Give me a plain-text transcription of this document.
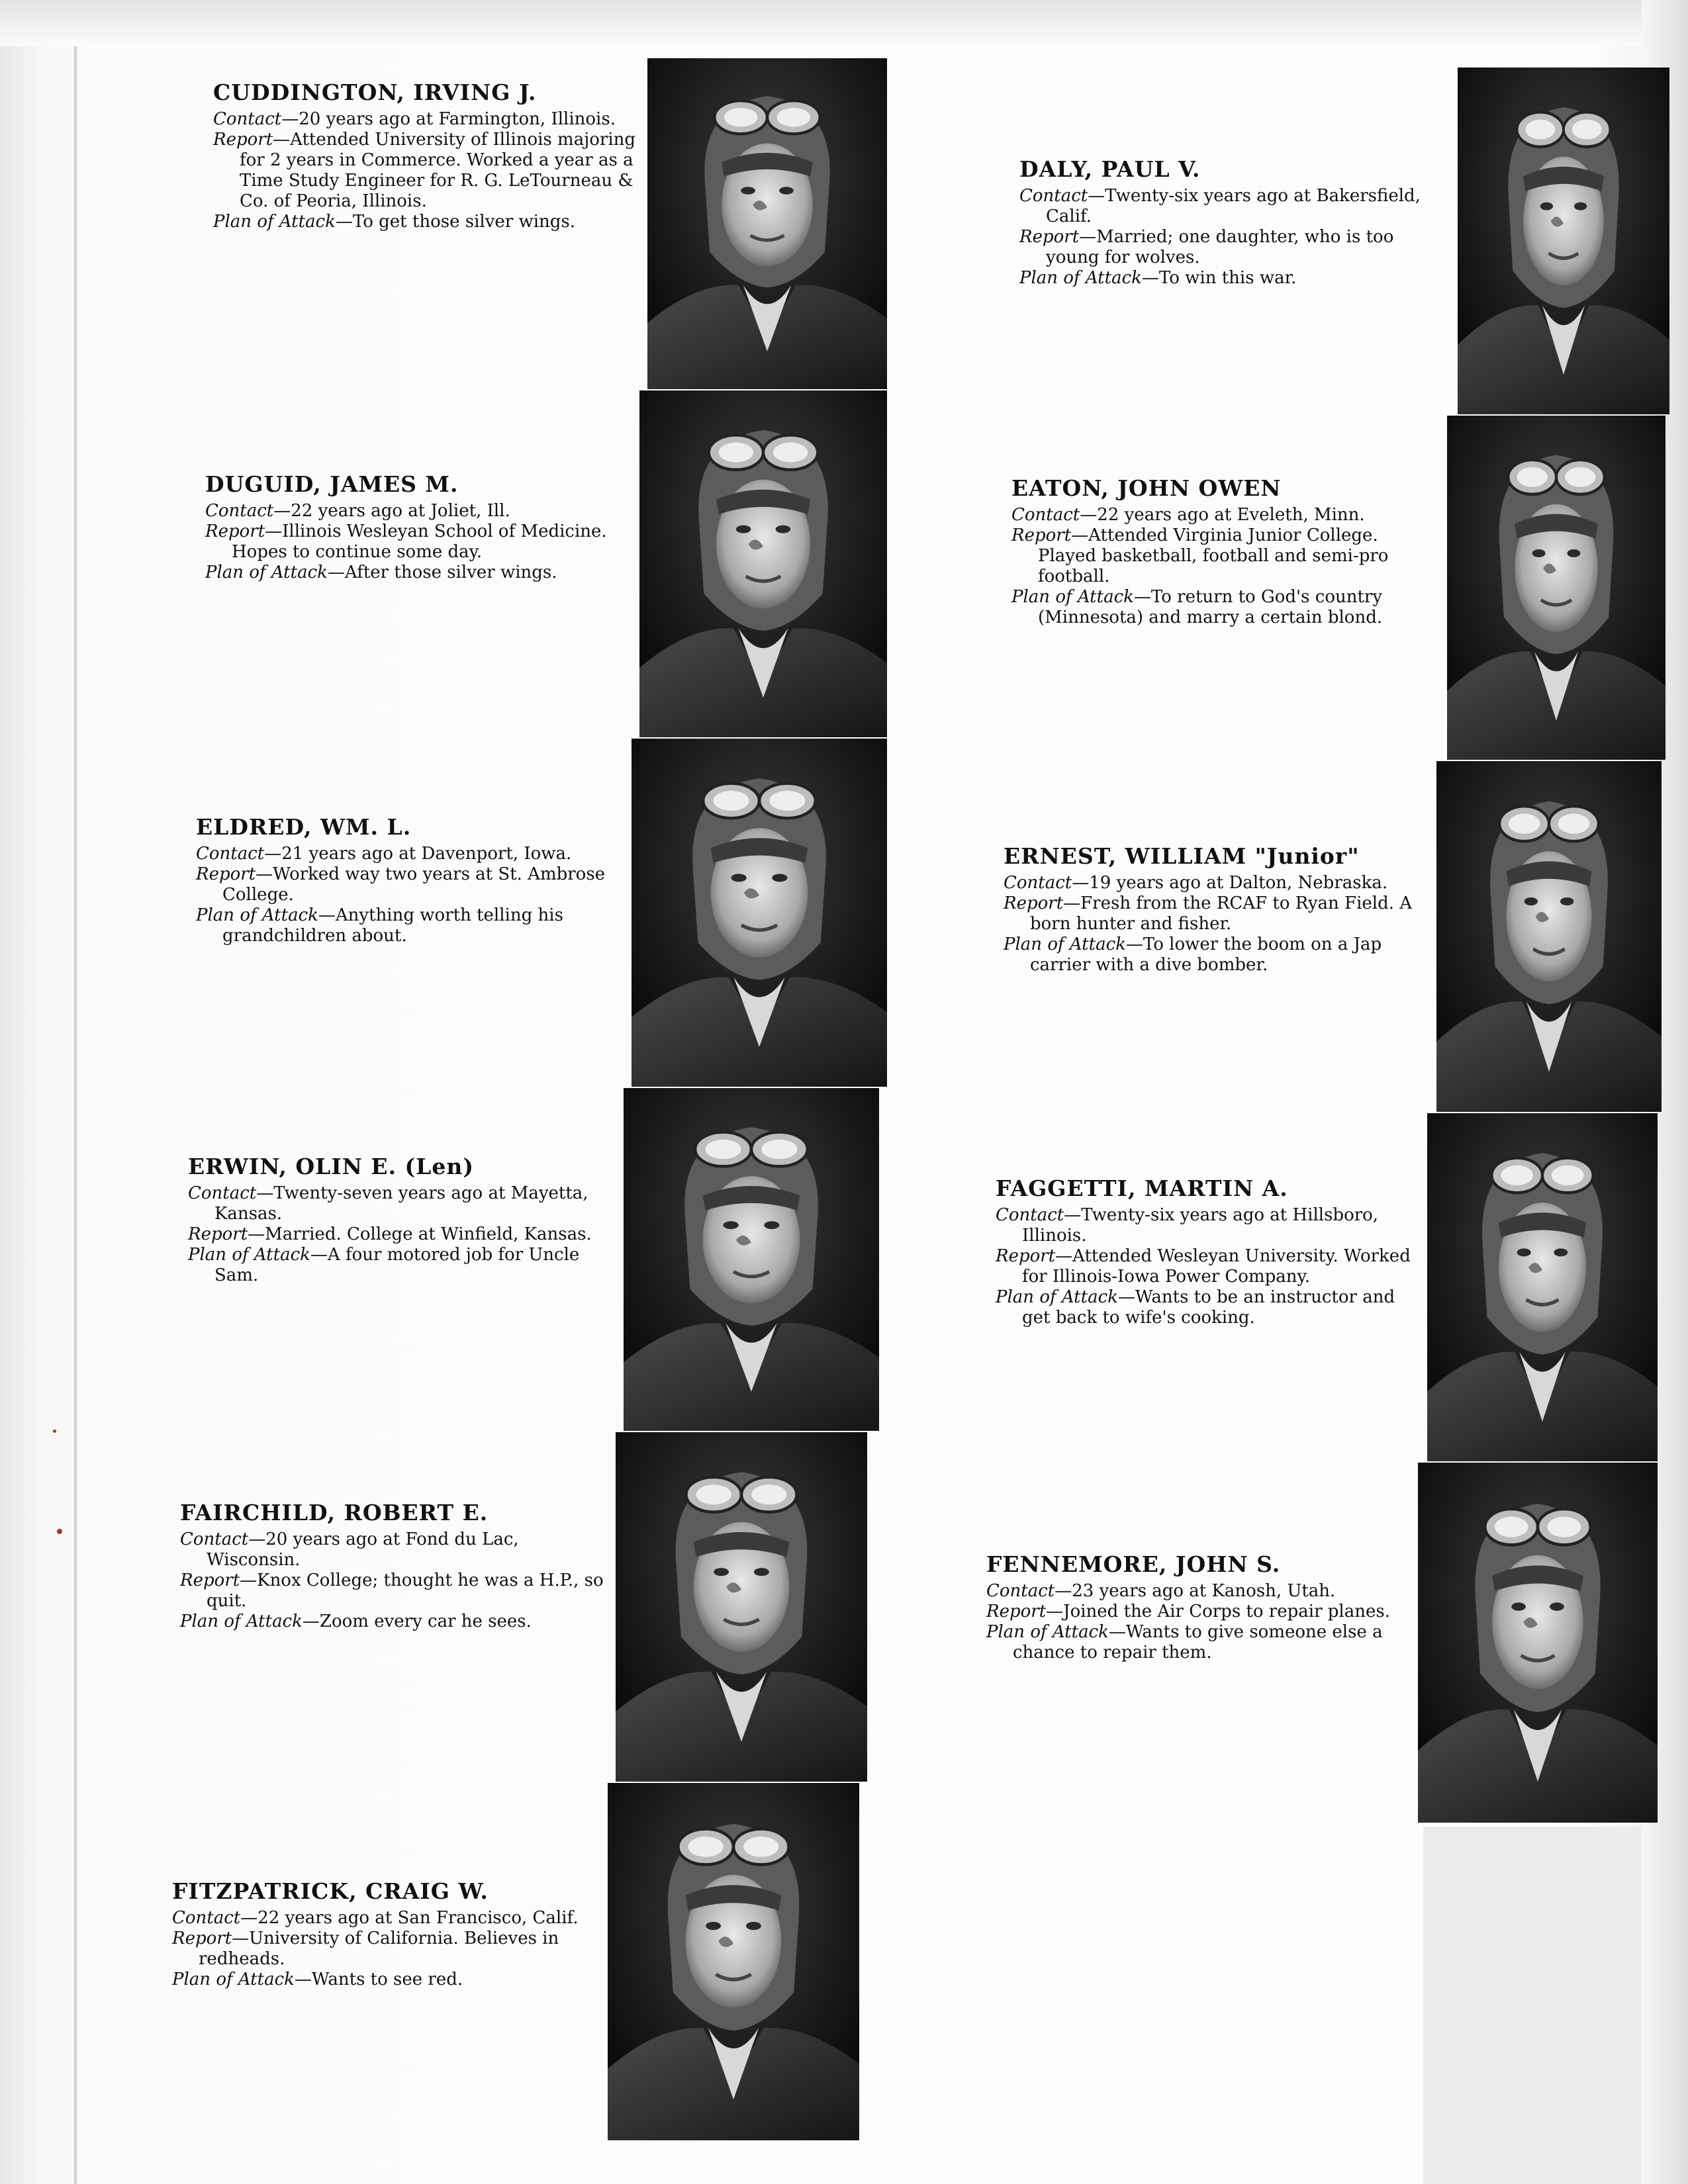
CUDDINGTON, IRVING J.

Contact—20 years ago at Farmington, Illinois.

Report—Attended University of Illinois majoring for 2 years in Commerce. Worked a year as a Time Study Engineer for R. G. LeTourneau & Co. of Peoria, Illinois.

Plan of Attack—To get those silver wings.

DUGUID, JAMES M.

Contact—22 years ago at Joliet, Ill.

Report—Illinois Wesleyan School of Medicine. Hopes to continue some day.

Plan of Attack—After those silver wings.

ELDRED, WM. L.

Contact—21 years ago at Davenport, Iowa.

Report—Worked way two years at St. Ambrose College.

Plan of Attack—Anything worth telling his grandchildren about.

ERWIN, OLIN E. (Len)

Contact—Twenty-seven years ago at Mayetta, Kansas.

Report—Married. College at Winfield, Kansas.

Plan of Attack—A four motored job for Uncle Sam.

FAIRCHILD, ROBERT E.

Contact—20 years ago at Fond du Lac, Wisconsin.

Report—Knox College; thought he was a H.P., so quit.

Plan of Attack—Zoom every car he sees.

FITZPATRICK, CRAIG W.

Contact—22 years ago at San Francisco, Calif.

Report—University of California. Believes in redheads.

Plan of Attack—Wants to see red.

DALY, PAUL V.

Contact—Twenty-six years ago at Bakersfield, Calif.

Report—Married; one daughter, who is too young for wolves.

Plan of Attack—To win this war.

EATON, JOHN OWEN

Contact—22 years ago at Eveleth, Minn.

Report—Attended Virginia Junior College. Played basketball, football and semi-pro football.

Plan of Attack—To return to God's country (Minnesota) and marry a certain blond.

ERNEST, WILLIAM "Junior"

Contact—19 years ago at Dalton, Nebraska.

Report—Fresh from the RCAF to Ryan Field. A born hunter and fisher.

Plan of Attack—To lower the boom on a Jap carrier with a dive bomber.

FAGGETTI, MARTIN A.

Contact—Twenty-six years ago at Hillsboro, Illinois.

Report—Attended Wesleyan University. Worked for Illinois-Iowa Power Company.

Plan of Attack—Wants to be an instructor and get back to wife's cooking.

FENNEMORE, JOHN S.

Contact—23 years ago at Kanosh, Utah.

Report—Joined the Air Corps to repair planes.

Plan of Attack—Wants to give someone else a chance to repair them.
